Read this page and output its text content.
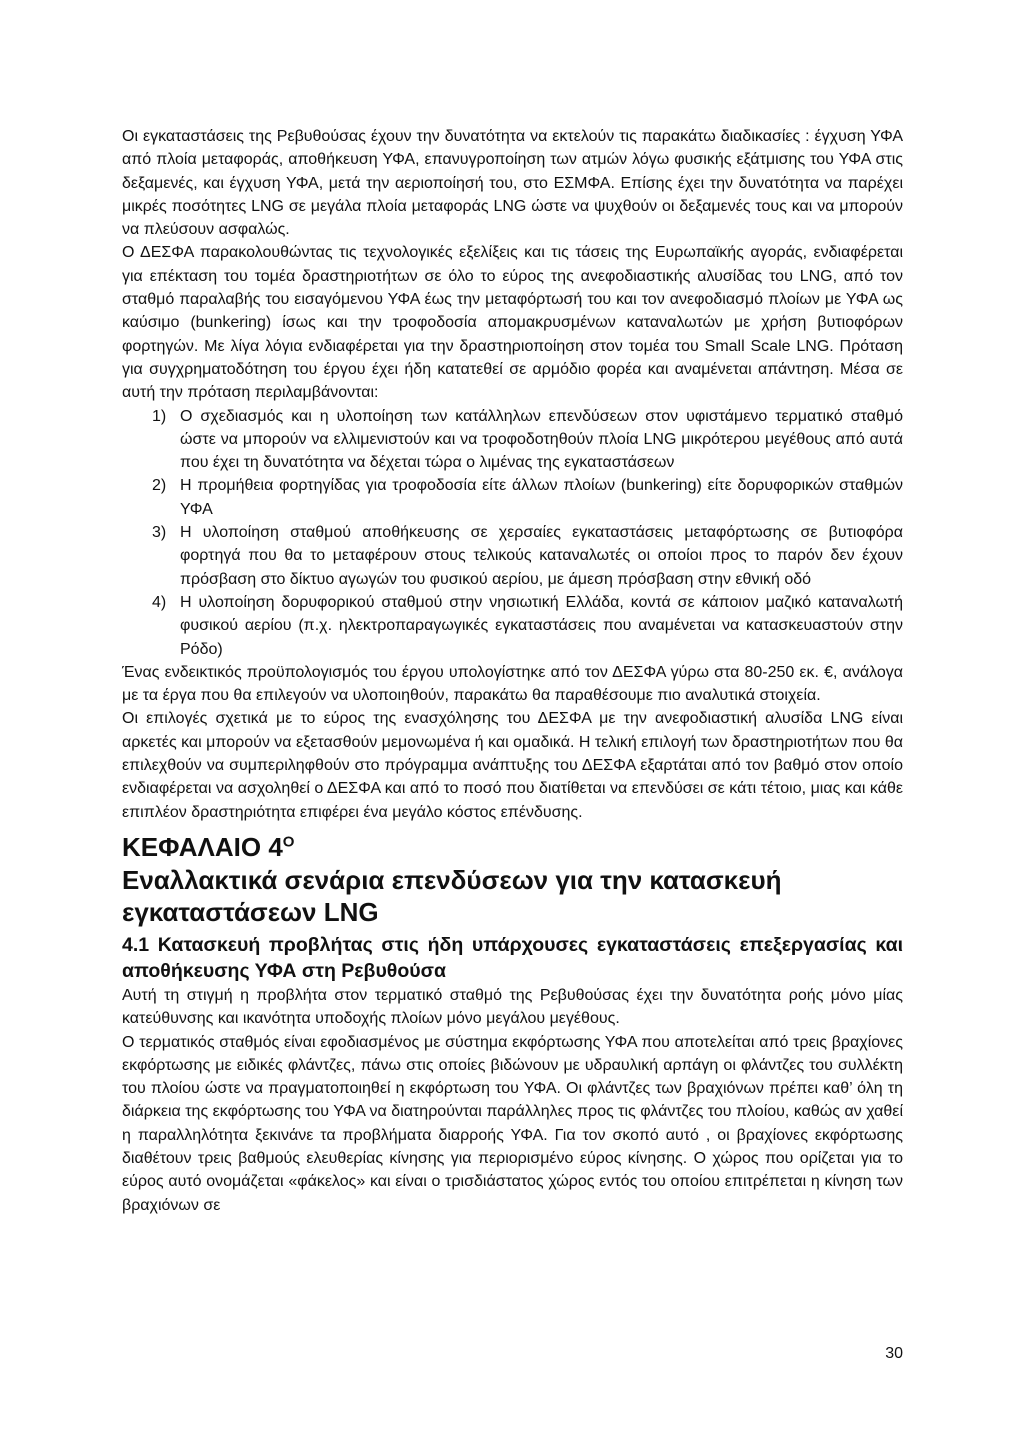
Οι εγκαταστάσεις της Ρεβυθούσας έχουν την δυνατότητα να εκτελούν τις παρακάτω διαδικασίες : έγχυση ΥΦΑ από πλοία μεταφοράς, αποθήκευση ΥΦΑ, επανυγροποίηση των ατμών λόγω φυσικής εξάτμισης του ΥΦΑ στις δεξαμενές, και έγχυση ΥΦΑ, μετά την αεριοποίησή του, στο ΕΣΜΦΑ. Επίσης έχει την δυνατότητα να παρέχει μικρές ποσότητες LNG σε μεγάλα πλοία μεταφοράς LNG ώστε να ψυχθούν οι δεξαμενές τους και να μπορούν να πλεύσουν ασφαλώς.

Ο ΔΕΣΦΑ παρακολουθώντας τις τεχνολογικές εξελίξεις και τις τάσεις της Ευρωπαϊκής αγοράς, ενδιαφέρεται για επέκταση του τομέα δραστηριοτήτων σε όλο το εύρος της ανεφοδιαστικής αλυσίδας του LNG, από τον σταθμό παραλαβής του εισαγόμενου ΥΦΑ έως την μεταφόρτωσή του και τον ανεφοδιασμό πλοίων με ΥΦΑ ως καύσιμο (bunkering) ίσως και την τροφοδοσία απομακρυσμένων καταναλωτών με χρήση βυτιοφόρων φορτηγών. Με λίγα λόγια ενδιαφέρεται για την δραστηριοποίηση στον τομέα του Small Scale LNG. Πρόταση για συγχρηματοδότηση του έργου έχει ήδη κατατεθεί σε αρμόδιο φορέα και αναμένεται απάντηση. Μέσα σε αυτή την πρόταση περιλαμβάνονται:

1) Ο σχεδιασμός και η υλοποίηση των κατάλληλων επενδύσεων στον υφιστάμενο τερματικό σταθμό ώστε να μπορούν να ελλιμενιστούν και να τροφοδοτηθούν πλοία LNG μικρότερου μεγέθους από αυτά που έχει τη δυνατότητα να δέχεται τώρα ο λιμένας της εγκαταστάσεων

2) Η προμήθεια φορτηγίδας για τροφοδοσία είτε άλλων πλοίων (bunkering) είτε δορυφορικών σταθμών ΥΦΑ

3) Η υλοποίηση σταθμού αποθήκευσης σε χερσαίες εγκαταστάσεις μεταφόρτωσης σε βυτιοφόρα φορτηγά που θα το μεταφέρουν στους τελικούς καταναλωτές οι οποίοι προς το παρόν δεν έχουν πρόσβαση στο δίκτυο αγωγών του φυσικού αερίου, με άμεση πρόσβαση στην εθνική οδό

4) Η υλοποίηση δορυφορικού σταθμού στην νησιωτική Ελλάδα, κοντά σε κάποιον μαζικό καταναλωτή φυσικού αερίου (π.χ. ηλεκτροπαραγωγικές εγκαταστάσεις που αναμένεται να κατασκευαστούν στην Ρόδο)

Ένας ενδεικτικός προϋπολογισμός του έργου υπολογίστηκε από τον ΔΕΣΦΑ γύρω στα 80-250 εκ. €, ανάλογα με τα έργα που θα επιλεγούν να υλοποιηθούν, παρακάτω θα παραθέσουμε πιο αναλυτικά στοιχεία.

Οι επιλογές σχετικά με το εύρος της ενασχόλησης του ΔΕΣΦΑ με την ανεφοδιαστική αλυσίδα LNG είναι αρκετές και μπορούν να εξετασθούν μεμονωμένα ή και ομαδικά. Η τελική επιλογή των δραστηριοτήτων που θα επιλεχθούν να συμπεριληφθούν στο πρόγραμμα ανάπτυξης του ΔΕΣΦΑ εξαρτάται από τον βαθμό στον οποίο ενδιαφέρεται να ασχοληθεί ο ΔΕΣΦΑ και από το ποσό που διατίθεται να επενδύσει σε κάτι τέτοιο, μιας και κάθε επιπλέον δραστηριότητα επιφέρει ένα μεγάλο κόστος επένδυσης.

ΚΕΦΑΛΑΙΟ $4^O$
Εναλλακτικά σενάρια επενδύσεων για την κατασκευή εγκαταστάσεων LNG
4.1 Κατασκευή προβλήτας στις ήδη υπάρχουσες εγκαταστάσεις επεξεργασίας και αποθήκευσης ΥΦΑ στη Ρεβυθούσα

Αυτή τη στιγμή η προβλήτα στον τερματικό σταθμό της Ρεβυθούσας έχει την δυνατότητα ροής μόνο μίας κατεύθυνσης και ικανότητα υποδοχής πλοίων μόνο μεγάλου μεγέθους.

Ο τερματικός σταθμός είναι εφοδιασμένος με σύστημα εκφόρτωσης ΥΦΑ που αποτελείται από τρεις βραχίονες εκφόρτωσης με ειδικές φλάντζες, πάνω στις οποίες βιδώνουν με υδραυλική αρπάγη οι φλάντζες του συλλέκτη του πλοίου ώστε να πραγματοποιηθεί η εκφόρτωση του ΥΦΑ. Οι φλάντζες των βραχιόνων πρέπει καθ’ όλη τη διάρκεια της εκφόρτωσης του ΥΦΑ να διατηρούνται παράλληλες προς τις φλάντζες του πλοίου, καθώς αν χαθεί η παραλληλότητα ξεκινάνε τα προβλήματα διαρροής ΥΦΑ. Για τον σκοπό αυτό , οι βραχίονες εκφόρτωσης διαθέτουν τρεις βαθμούς ελευθερίας κίνησης για περιορισμένο εύρος κίνησης. Ο χώρος που ορίζεται για το εύρος αυτό ονομάζεται «φάκελος» και είναι ο τρισδιάστατος χώρος εντός του οποίου επιτρέπεται η κίνηση των βραχιόνων σε

30
